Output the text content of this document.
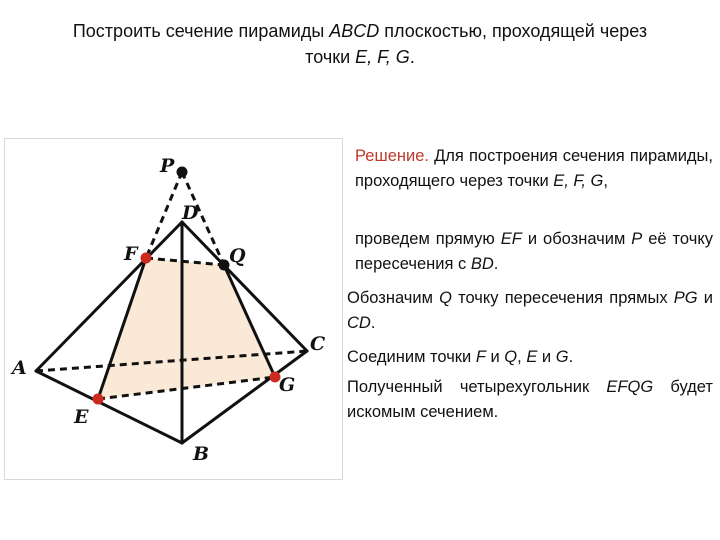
Построить сечение пирамиды ABCD плоскостью, проходящей через
точки E, F, G.
P
D
F	Q
A
C
G
E
B
Решение. Для построения сечения пирамиды, проходящего через точки E, F, G,
проведем прямую EF и обозначим P её точку пересечения с BD.
Обозначим Q точку пересечения прямых PG и CD.
Соединим точки F и Q, E и G.
Полученный четырехугольник EFQG будет искомым сечением.
